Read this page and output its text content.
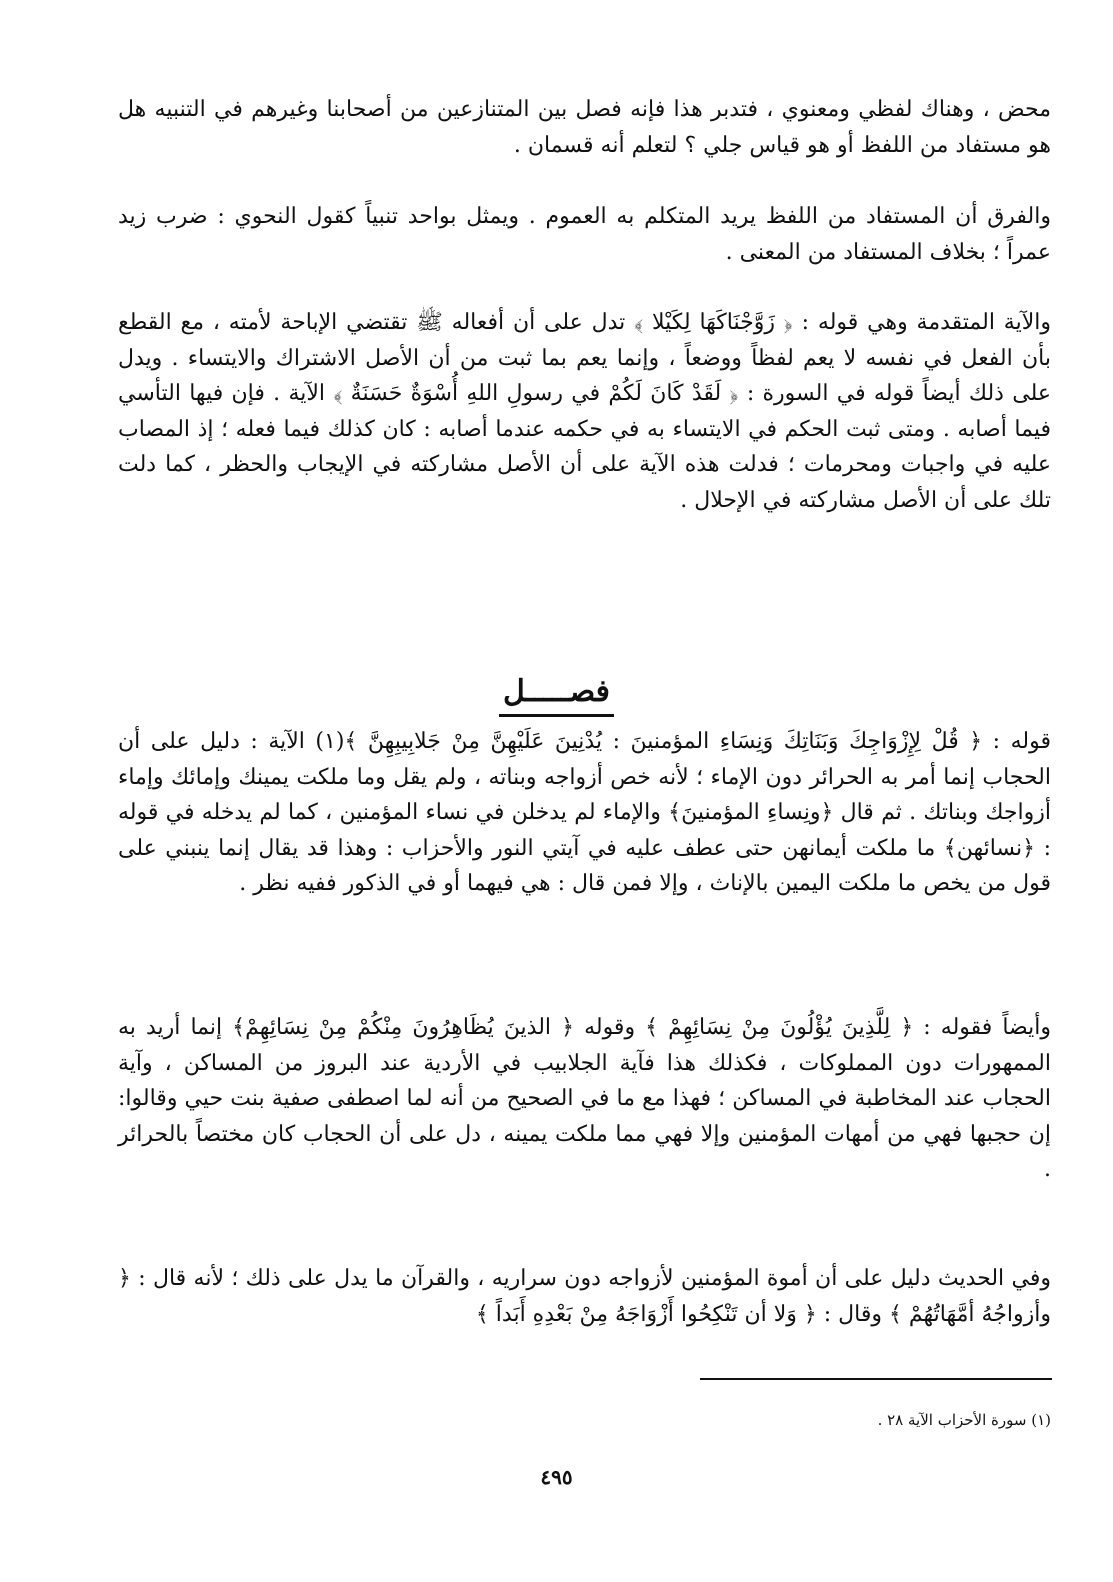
محض ، وهناك لفظي ومعنوي ، فتدبر هذا فإنه فصل بين المتنازعين من أصحابنا وغيرهم في التنبيه هل هو مستفاد من اللفظ أو هو قياس جلي ؟ لتعلم أنه قسمان .

والفرق أن المستفاد من اللفظ يريد المتكلم به العموم . ويمثل بواحد تنبياً كقول النحوي : ضرب زيد عمراً ؛ بخلاف المستفاد من المعنى .

والآية المتقدمة وهي قوله : ﴿ زَوَّجْنَاكَهَا لِكَيْلا ﴾ تدل على أن أفعاله ﷺ تقتضي الإباحة لأمته ، مع القطع بأن الفعل في نفسه لا يعم لفظاً ووضعاً ، وإنما يعم بما ثبت من أن الأصل الاشتراك والايتساء . ويدل على ذلك أيضاً قوله في السورة : ﴿ لَقَدْ كَانَ لَكُمْ في رسولِ اللهِ أُسْوَةٌ حَسَنَةٌ ﴾ الآية . فإن فيها التأسي فيما أصابه . ومتى ثبت الحكم في الايتساء به في حكمه عندما أصابه : كان كذلك فيما فعله ؛ إذ المصاب عليه في واجبات ومحرمات ؛ فدلت هذه الآية على أن الأصل مشاركته في الإيجاب والحظر ، كما دلت تلك على أن الأصل مشاركته في الإحلال .

فصـــــل

قوله : ﴿ قُلْ لِإِزْوَاجِكَ وَبَنَاتِكَ وَنِسَاءِ المؤمنينَ : يُدْنِينَ عَلَيْهِنَّ مِنْ جَلابِيبِهِنَّ ﴾(١) الآية : دليل على أن الحجاب إنما أمر به الحرائر دون الإماء ؛ لأنه خص أزواجه وبناته ، ولم يقل وما ملكت يمينك وإمائك وإماء أزواجك وبناتك . ثم قال ﴿ونِساءِ المؤمنينَ﴾ والإماء لم يدخلن في نساء المؤمنين ، كما لم يدخله في قوله : ﴿نسائهن﴾ ما ملكت أيمانهن حتى عطف عليه في آيتي النور والأحزاب : وهذا قد يقال إنما ينبني على قول من يخص ما ملكت اليمين بالإناث ، وإلا فمن قال : هي فيهما أو في الذكور ففيه نظر .

وأيضاً فقوله : ﴿ لِلَّذِينَ يُؤْلُونَ مِنْ نِسَائِهِمْ ﴾ وقوله ﴿ الذينَ يُظَاهِرُونَ مِنْكُمْ مِنْ نِسَائِهِمْ﴾ إنما أريد به الممهورات دون المملوكات ، فكذلك هذا فآية الجلابيب في الأردية عند البروز من المساكن ، وآية الحجاب عند المخاطبة في المساكن ؛ فهذا مع ما في الصحيح من أنه لما اصطفى صفية بنت حيي وقالوا: إن حجبها فهي من أمهات المؤمنين وإلا فهي مما ملكت يمينه ، دل على أن الحجاب كان مختصاً بالحرائر .

وفي الحديث دليل على أن أموة المؤمنين لأزواجه دون سراريه ، والقرآن ما يدل على ذلك ؛ لأنه قال : ﴿ وأزواجُهُ أمَّهَاتُهُمْ ﴾ وقال : ﴿ وَلا أن تَنْكِحُوا أَزْوَاجَهُ مِنْ بَعْدِهِ أَبَداً ﴾

(١) سورة الأحزاب الآية ٢٨ .

٤٩٥
